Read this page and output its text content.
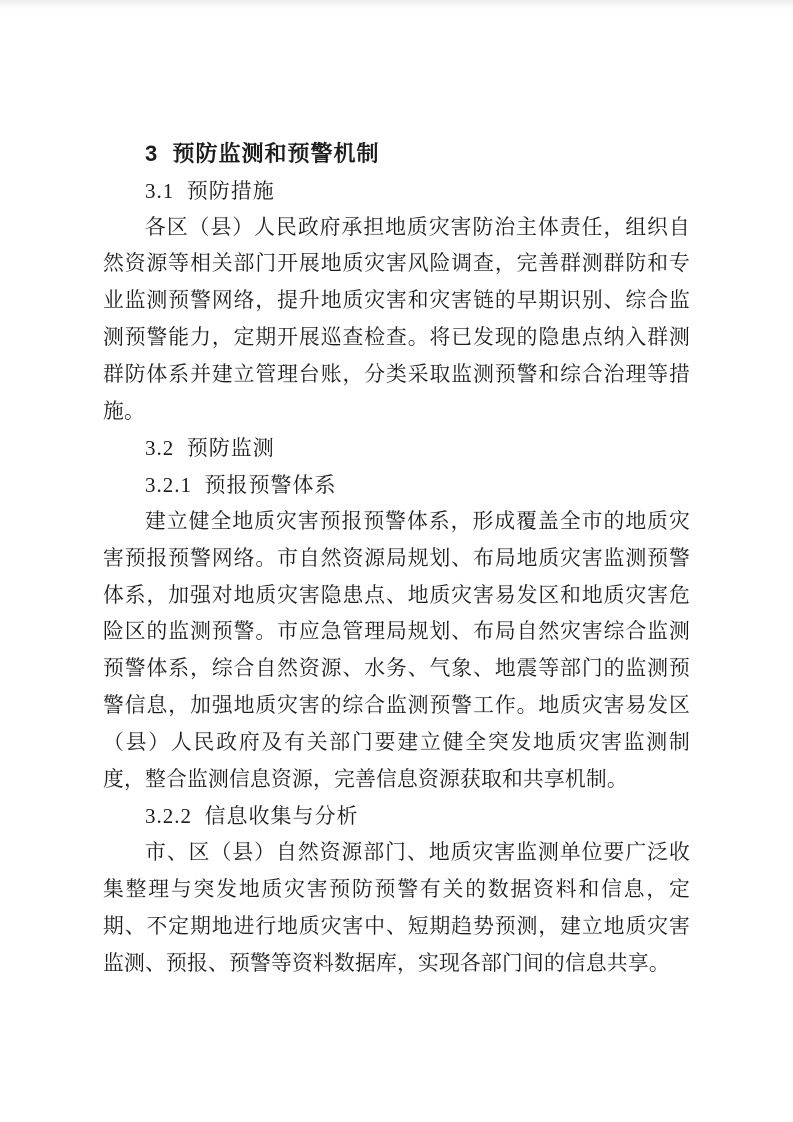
3  预防监测和预警机制
3.1  预防措施

各区（县）人民政府承担地质灾害防治主体责任，组织自然资源等相关部门开展地质灾害风险调查，完善群测群防和专业监测预警网络，提升地质灾害和灾害链的早期识别、综合监测预警能力，定期开展巡查检查。将已发现的隐患点纳入群测群防体系并建立管理台账，分类采取监测预警和综合治理等措施。

3.2  预防监测
3.2.1  预报预警体系

建立健全地质灾害预报预警体系，形成覆盖全市的地质灾害预报预警网络。市自然资源局规划、布局地质灾害监测预警体系，加强对地质灾害隐患点、地质灾害易发区和地质灾害危险区的监测预警。市应急管理局规划、布局自然灾害综合监测预警体系，综合自然资源、水务、气象、地震等部门的监测预警信息，加强地质灾害的综合监测预警工作。地质灾害易发区（县）人民政府及有关部门要建立健全突发地质灾害监测制度，整合监测信息资源，完善信息资源获取和共享机制。

3.2.2  信息收集与分析

市、区（县）自然资源部门、地质灾害监测单位要广泛收集整理与突发地质灾害预防预警有关的数据资料和信息，定期、不定期地进行地质灾害中、短期趋势预测，建立地质灾害监测、预报、预警等资料数据库，实现各部门间的信息共享。
